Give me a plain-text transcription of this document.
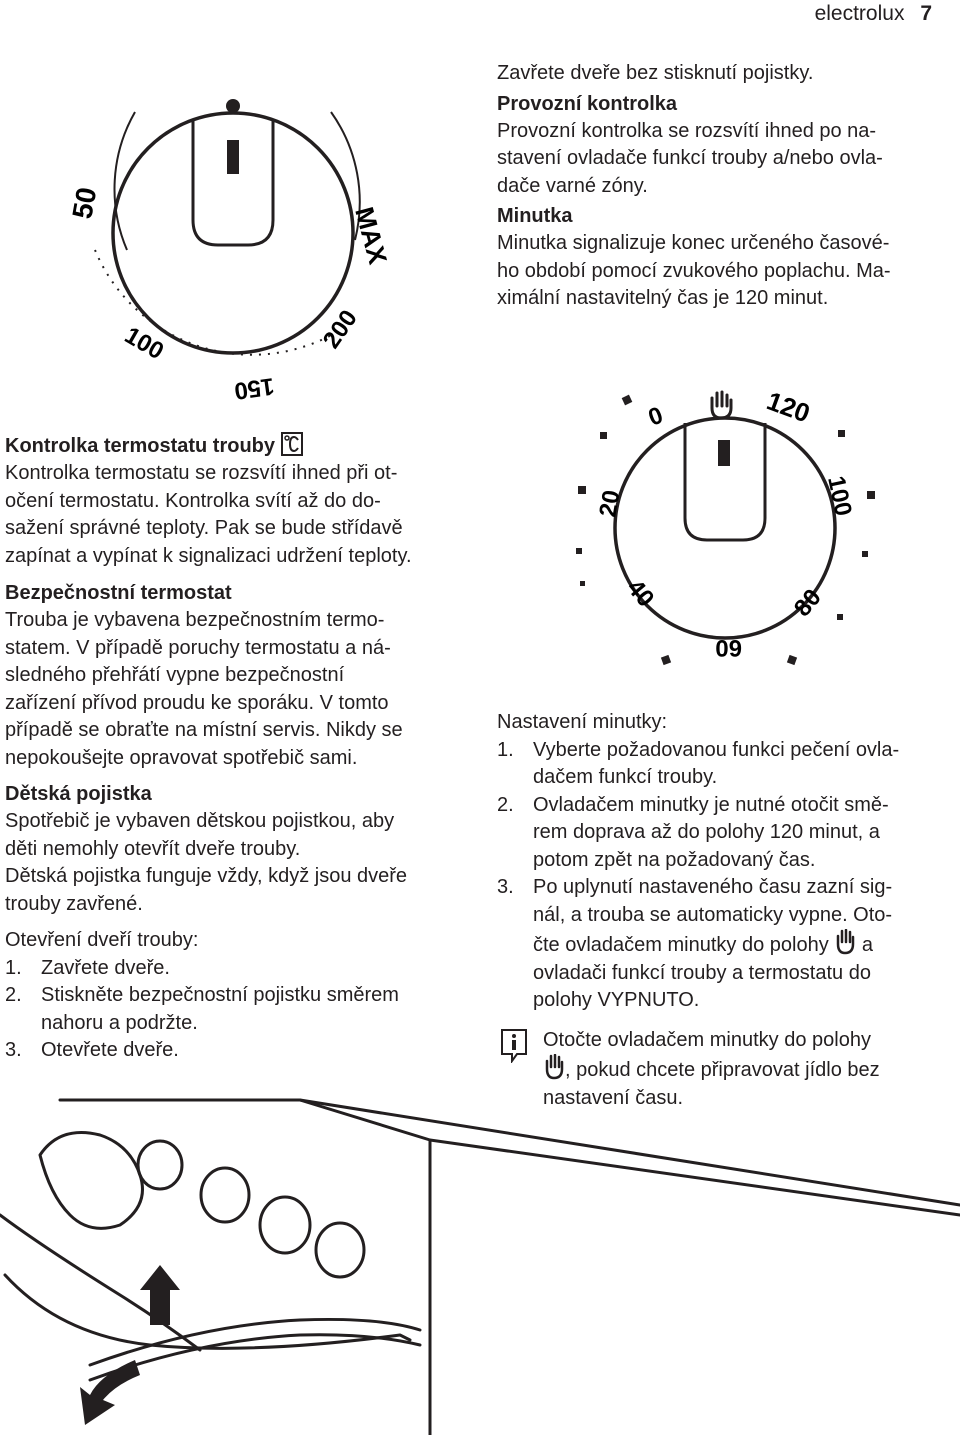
electrolux 7
50
MAX
100
150
200

Zavřete dveře bez stisknutí pojistky.

Provozní kontrolka

Provozní kontrolka se rozsvítí ihned po na-

stavení ovladače funkcí trouby a/nebo ovla-

dače varné zóny.

Minutka

Minutka signalizuje konec určeného časové-

ho období pomocí zvukového poplachu. Ma-

ximální nastavitelný čas je 120 minut.

0	120
20	100
40	80
60

Kontrolka termostatu trouby

Kontrolka termostatu se rozsvítí ihned při ot-

očení termostatu. Kontrolka svítí až do do-

sažení správné teploty. Pak se bude střídavě

zapínat a vypínat k signalizaci udržení teploty.

Bezpečnostní termostat

Trouba je vybavena bezpečnostním termo-

statem. V případě poruchy termostatu a ná-

sledného přehřátí vypne bezpečnostní

zařízení přívod proudu ke sporáku. V tomto

případě se obraťte na místní servis. Nikdy se

nepokoušejte opravovat spotřebič sami.

Dětská pojistka

Spotřebič je vybaven dětskou pojistkou, aby

děti nemohly otevřít dveře trouby.

Dětská pojistka funguje vždy, když jsou dveře

trouby zavřené.

Otevření dveří trouby:

1. Zavřete dveře.
2. Stiskněte bezpečnostní pojistku směrem
nahoru a podržte.
3. Otevřete dveře.

Nastavení minutky:

1. Vyberte požadovanou funkci pečení ovla-
dačem funkcí trouby.
2. Ovladačem minutky je nutné otočit smě-
rem doprava až do polohy 120 minut, a
potom zpět na požadovaný čas.
3. Po uplynutí nastaveného času zazní sig-
nál, a trouba se automaticky vypne. Oto-
čte ovladačem minutky do polohy a
ovladači funkcí trouby a termostatu do
polohy VYPNUTO.

Otočte ovladačem minutky do polohy

, pokud chcete připravovat jídlo bez

nastavení času.
